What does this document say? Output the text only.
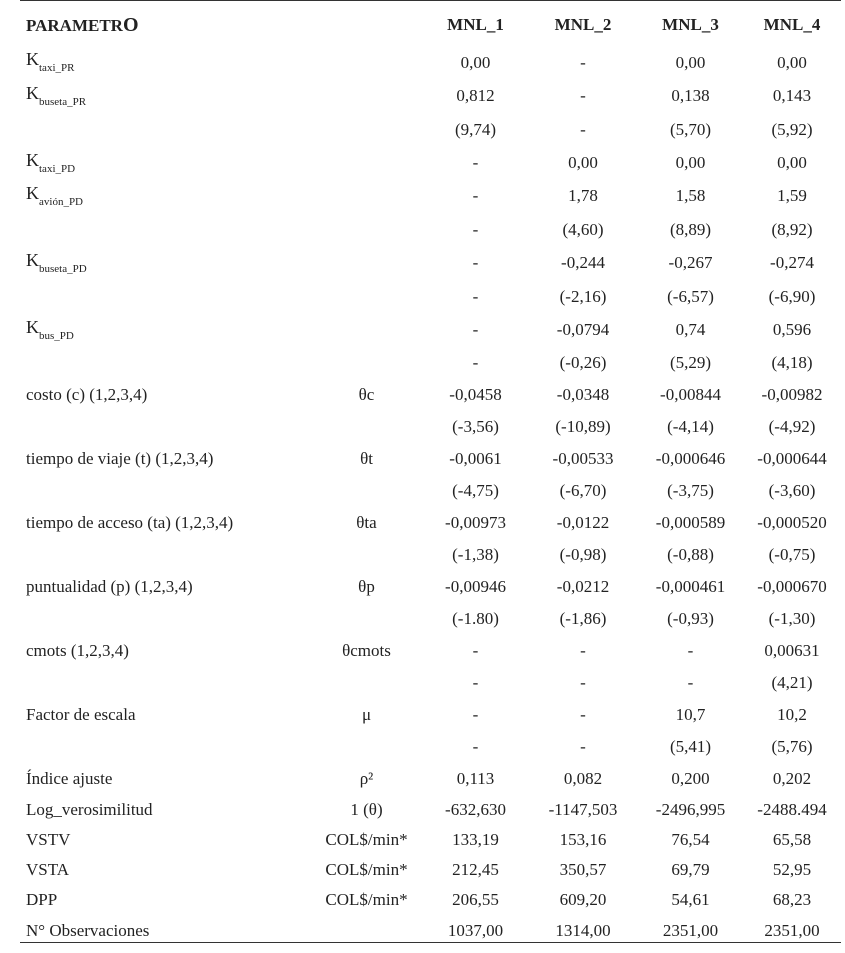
PARAMETRO		MNL_1	MNL_2	MNL_3	MNL_4
$K_{taxi\_PR}$		0,00	-	0,00	0,00
$K_{buseta\_PR}$		0,812	-	0,138	0,143
		(9,74)	-	(5,70)	(5,92)
$K_{taxi\_PD}$		-	0,00	0,00	0,00
$K_{avión\_PD}$		-	1,78	1,58	1,59
		-	(4,60)	(8,89)	(8,92)
$K_{buseta\_PD}$		-	-0,244	-0,267	-0,274
		-	(-2,16)	(-6,57)	(-6,90)
$K_{bus\_PD}$		-	-0,0794	0,74	0,596
		-	(-0,26)	(5,29)	(4,18)
costo (c) (1,2,3,4)	θc	-0,0458	-0,0348	-0,00844	-0,00982
		(-3,56)	(-10,89)	(-4,14)	(-4,92)
tiempo de viaje (t) (1,2,3,4)	θt	-0,0061	-0,00533	-0,000646	-0,000644
		(-4,75)	(-6,70)	(-3,75)	(-3,60)
tiempo de acceso (ta) (1,2,3,4)	θta	-0,00973	-0,0122	-0,000589	-0,000520
		(-1,38)	(-0,98)	(-0,88)	(-0,75)
puntualidad (p) (1,2,3,4)	θp	-0,00946	-0,0212	-0,000461	-0,000670
		(-1.80)	(-1,86)	(-0,93)	(-1,30)
cmots (1,2,3,4)	θcmots	-	-	-	0,00631
		-	-	-	(4,21)
Factor de escala	μ	-	-	10,7	10,2
		-	-	(5,41)	(5,76)
Índice ajuste	ρ²	0,113	0,082	0,200	0,202
Log_verosimilitud	1 (θ)	-632,630	-1147,503	-2496,995	-2488.494
VSTV	COL$/min*	133,19	153,16	76,54	65,58
VSTA	COL$/min*	212,45	350,57	69,79	52,95
DPP	COL$/min*	206,55	609,20	54,61	68,23
N° Observaciones		1037,00	1314,00	2351,00	2351,00
